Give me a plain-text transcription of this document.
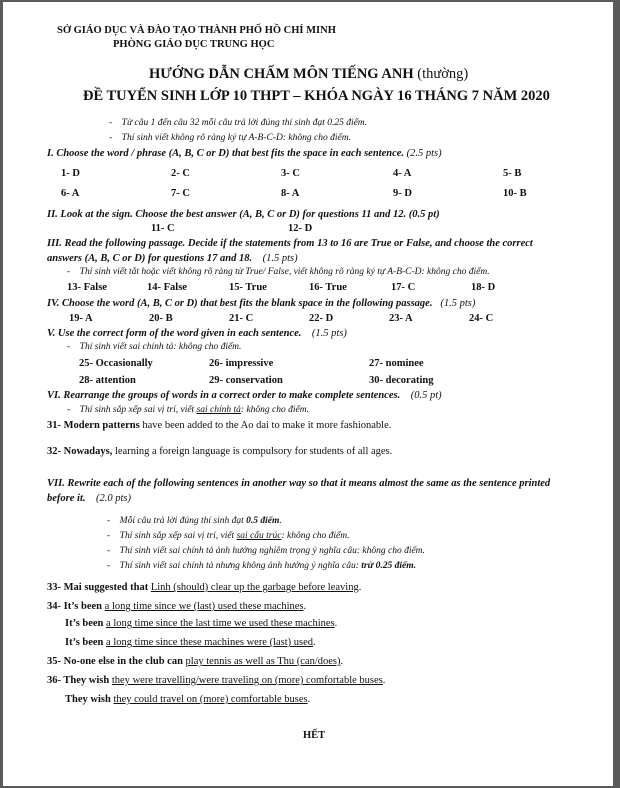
SỞ GIÁO DỤC VÀ ĐÀO TẠO THÀNH PHỐ HỒ CHÍ MINH
PHÒNG GIÁO DỤC TRUNG HỌC
HƯỚNG DẪN CHẤM MÔN TIẾNG ANH (thường)
ĐỀ TUYỂN SINH LỚP 10 THPT – KHÓA NGÀY 16 THÁNG 7 NĂM 2020
-    Từ câu 1 đến câu 32 mỗi câu trả lời đúng thí sinh đạt 0.25 điểm.
-    Thí sinh viết không rõ ràng ký tự A-B-C-D: không cho điểm.
I. Choose the word / phrase (A, B, C or D) that best fits the space in each sentence. (2.5 pts)
1- D	2- C	3- C	4- A	5- B
6- A	7- C	8- A	9- D	10- B
II. Look at the sign. Choose the best answer (A, B, C or D) for questions 11 and 12. (0.5 pt)
11- C	12- D
III. Read the following passage. Decide if the statements from 13 to 16 are True or False, and choose the correct
answers (A, B, C or D) for questions 17 and 18. (1.5 pts)
-    Thí sinh viết tắt hoặc viết không rõ ràng từ True/ False, viết không rõ ràng ký tự A-B-C-D: không cho điểm.
13- False	14- False	15- True	16- True	17- C	18- D
IV. Choose the word (A, B, C or D) that best fits the blank space in the following passage. (1.5 pts)
19- A	20- B	21- C	22- D	23- A	24- C
V. Use the correct form of the word given in each sentence. (1.5 pts)
-    Thí sinh viết sai chính tả: không cho điểm.
25- Occasionally	26- impressive	27- nominee
28- attention	29- conservation	30- decorating
VI. Rearrange the groups of words in a correct order to make complete sentences. (0.5 pt)
-    Thí sinh sắp xếp sai vị trí, viết sai chính tả: không cho điểm.
31- Modern patterns have been added to the Ao dai to make it more fashionable.
32- Nowadays, learning a foreign language is compulsory for students of all ages.
VII. Rewrite each of the following sentences in another way so that it means almost the same as the sentence printed
before it. (2.0 pts)
-    Mỗi câu trả lời đúng thí sinh đạt 0.5 điểm.
-    Thí sinh sắp xếp sai vị trí, viết sai cấu trúc: không cho điểm.
-    Thí sinh viết sai chính tả ảnh hưởng nghiêm trọng ý nghĩa câu: không cho điểm.
-    Thí sinh viết sai chính tả nhưng không ảnh hưởng ý nghĩa câu: trừ 0.25 điểm.
33- Mai suggested that Linh (should) clear up the garbage before leaving.
34- It’s been a long time since we (last) used these machines.
It’s been a long time since the last time we used these machines.
It’s been a long time since these machines were (last) used.
35- No-one else in the club can play tennis as well as Thu (can/does).
36- They wish they were travelling/were traveling on (more) comfortable buses.
They wish they could travel on (more) comfortable buses.
HẾT
